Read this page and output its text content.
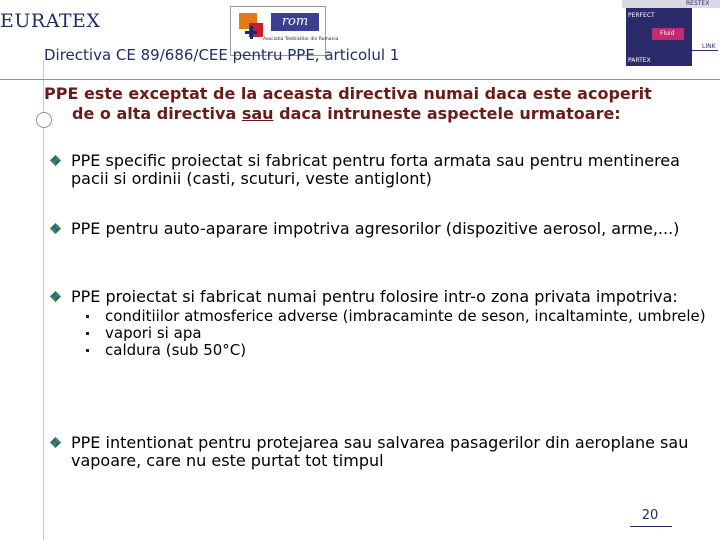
EURATEX	rom
Asociatia Textilistilor din Romania
RESTEX
PERFECT
Fluid
LINK
PARTEX
Directiva CE 89/686/CEE pentru PPE, articolul 1
PPE este exceptat de la aceasta directiva numai daca este acoperit
de o alta directiva sau daca intruneste aspectele urmatoare:
PPE specific proiectat si fabricat pentru forta armata sau pentru mentinerea pacii si ordinii (casti, scuturi, veste antiglont)
PPE pentru auto-aparare impotriva agresorilor (dispozitive aerosol, arme,...)
PPE proiectat si fabricat numai pentru folosire intr-o zona privata impotriva:
conditiilor atmosferice adverse (imbracaminte de seson, incaltaminte, umbrele)
vapori si apa
caldura (sub 50°C)
PPE intentionat pentru protejarea sau salvarea pasagerilor din aeroplane sau vapoare, care nu este purtat tot timpul
20
